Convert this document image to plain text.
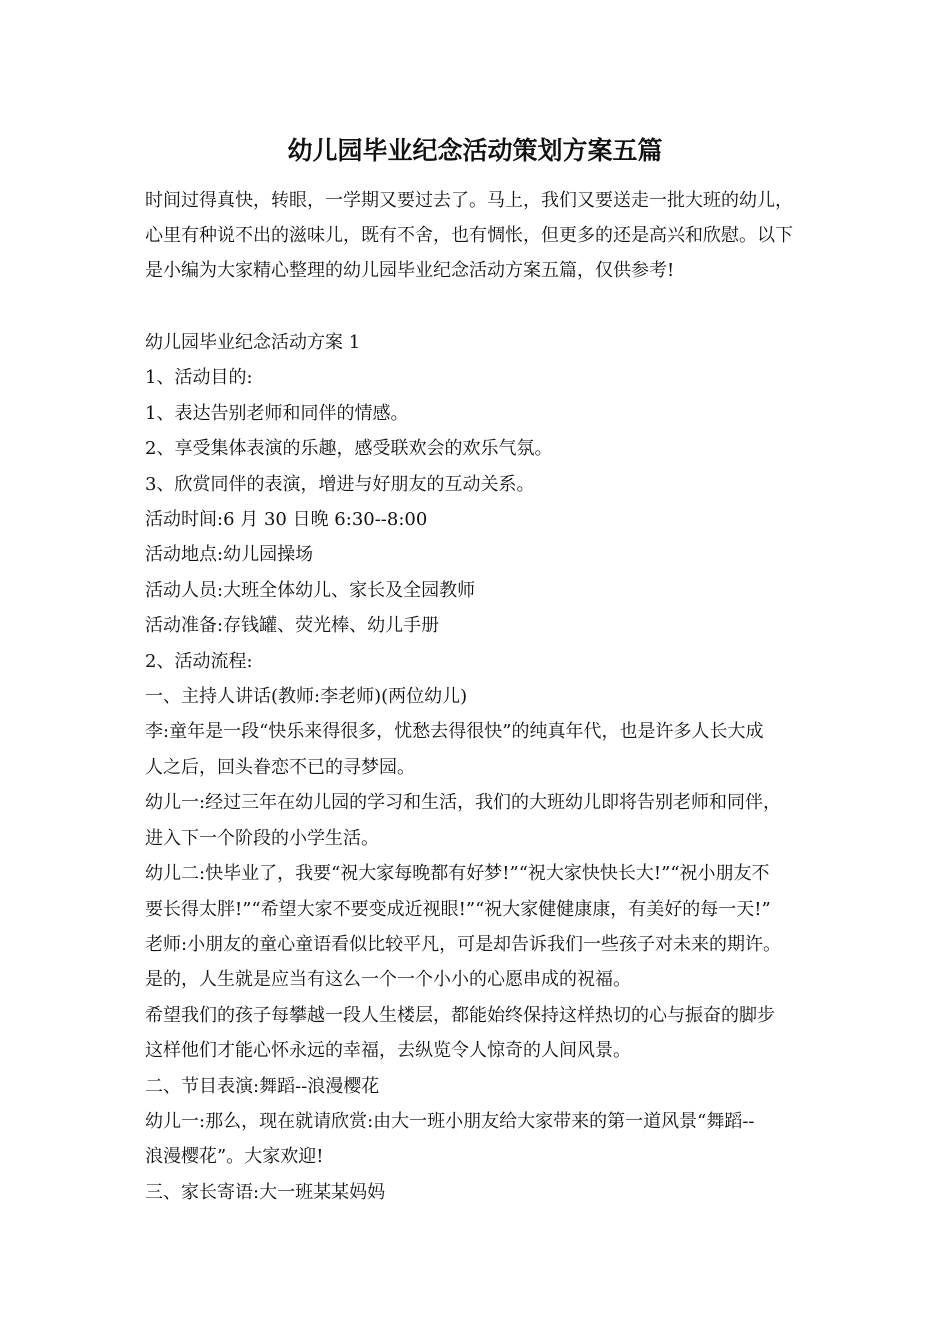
幼儿园毕业纪念活动策划方案五篇
时间过得真快，转眼，一学期又要过去了。马上，我们又要送走一批大班的幼儿，
心里有种说不出的滋味儿，既有不舍，也有惆怅，但更多的还是高兴和欣慰。以下
是小编为大家精心整理的幼儿园毕业纪念活动方案五篇，仅供参考!
幼儿园毕业纪念活动方案 1
1、活动目的:
1、表达告别老师和同伴的情感。
2、享受集体表演的乐趣，感受联欢会的欢乐气氛。
3、欣赏同伴的表演，增进与好朋友的互动关系。
活动时间:6 月 30 日晚 6:30--8:00
活动地点:幼儿园操场
活动人员:大班全体幼儿、家长及全园教师
活动准备:存钱罐、荧光棒、幼儿手册
2、活动流程:
一、主持人讲话(教师:李老师)(两位幼儿)
李:童年是一段“快乐来得很多，忧愁去得很快”的纯真年代，也是许多人长大成
人之后，回头眷恋不已的寻梦园。
幼儿一:经过三年在幼儿园的学习和生活，我们的大班幼儿即将告别老师和同伴，
进入下一个阶段的小学生活。
幼儿二:快毕业了，我要“祝大家每晚都有好梦!”“祝大家快快长大!”“祝小朋友不
要长得太胖!”“希望大家不要变成近视眼!”“祝大家健健康康，有美好的每一天!”
老师:小朋友的童心童语看似比较平凡，可是却告诉我们一些孩子对未来的期许。
是的，人生就是应当有这么一个一个小小的心愿串成的祝福。
希望我们的孩子每攀越一段人生楼层，都能始终保持这样热切的心与振奋的脚步
这样他们才能心怀永远的幸福，去纵览令人惊奇的人间风景。
二、节目表演:舞蹈--浪漫樱花
幼儿一:那么，现在就请欣赏:由大一班小朋友给大家带来的第一道风景“舞蹈--
浪漫樱花”。大家欢迎!
三、家长寄语:大一班某某妈妈
